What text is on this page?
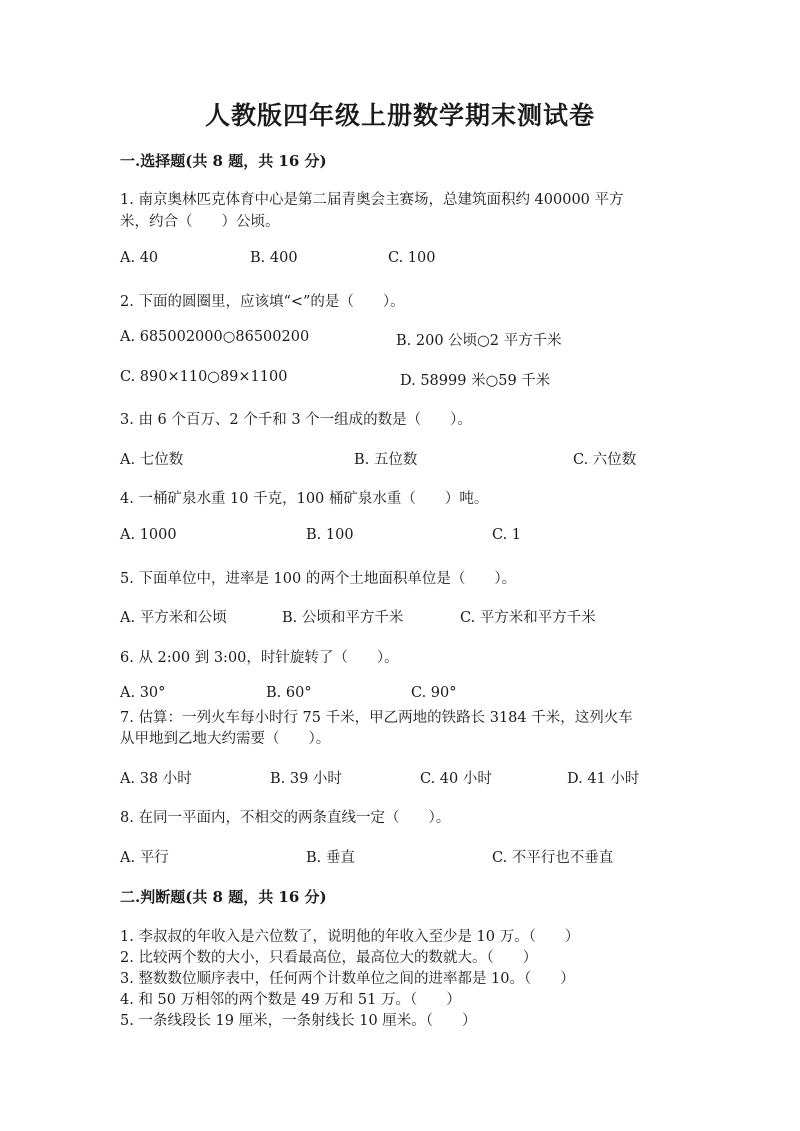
人教版四年级上册数学期末测试卷
一.选择题(共 8 题，共 16 分)
1. 南京奥林匹克体育中心是第二届青奥会主赛场，总建筑面积约 400000 平方
米，约合（　　）公顷。
A. 40	B. 400	C. 100
2. 下面的圆圈里，应该填“<”的是（　　）。
A. 685002000○86500200	B. 200 公顷○2 平方千米
C. 890×110○89×1100	D. 58999 米○59 千米
3. 由 6 个百万、2 个千和 3 个一组成的数是（　　）。
A. 七位数	B. 五位数	C. 六位数
4. 一桶矿泉水重 10 千克，100 桶矿泉水重（　　）吨。
A. 1000	B. 100	C. 1
5. 下面单位中，进率是 100 的两个土地面积单位是（　　）。
A. 平方米和公顷	B. 公顷和平方千米	C. 平方米和平方千米
6. 从 2:00 到 3:00，时针旋转了（　　）。
A. 30°	B. 60°	C. 90°
7. 估算：一列火车每小时行 75 千米，甲乙两地的铁路长 3184 千米，这列火车
从甲地到乙地大约需要（　　）。
A. 38 小时	B. 39 小时	C. 40 小时	D. 41 小时
8. 在同一平面内，不相交的两条直线一定（　　）。
A. 平行	B. 垂直	C. 不平行也不垂直
二.判断题(共 8 题，共 16 分)
1. 李叔叔的年收入是六位数了，说明他的年收入至少是 10 万。（　　）
2. 比较两个数的大小，只看最高位，最高位大的数就大。（　　）
3. 整数数位顺序表中，任何两个计数单位之间的进率都是 10。（　　）
4. 和 50 万相邻的两个数是 49 万和 51 万。（　　）
5. 一条线段长 19 厘米，一条射线长 10 厘米。（　　）
